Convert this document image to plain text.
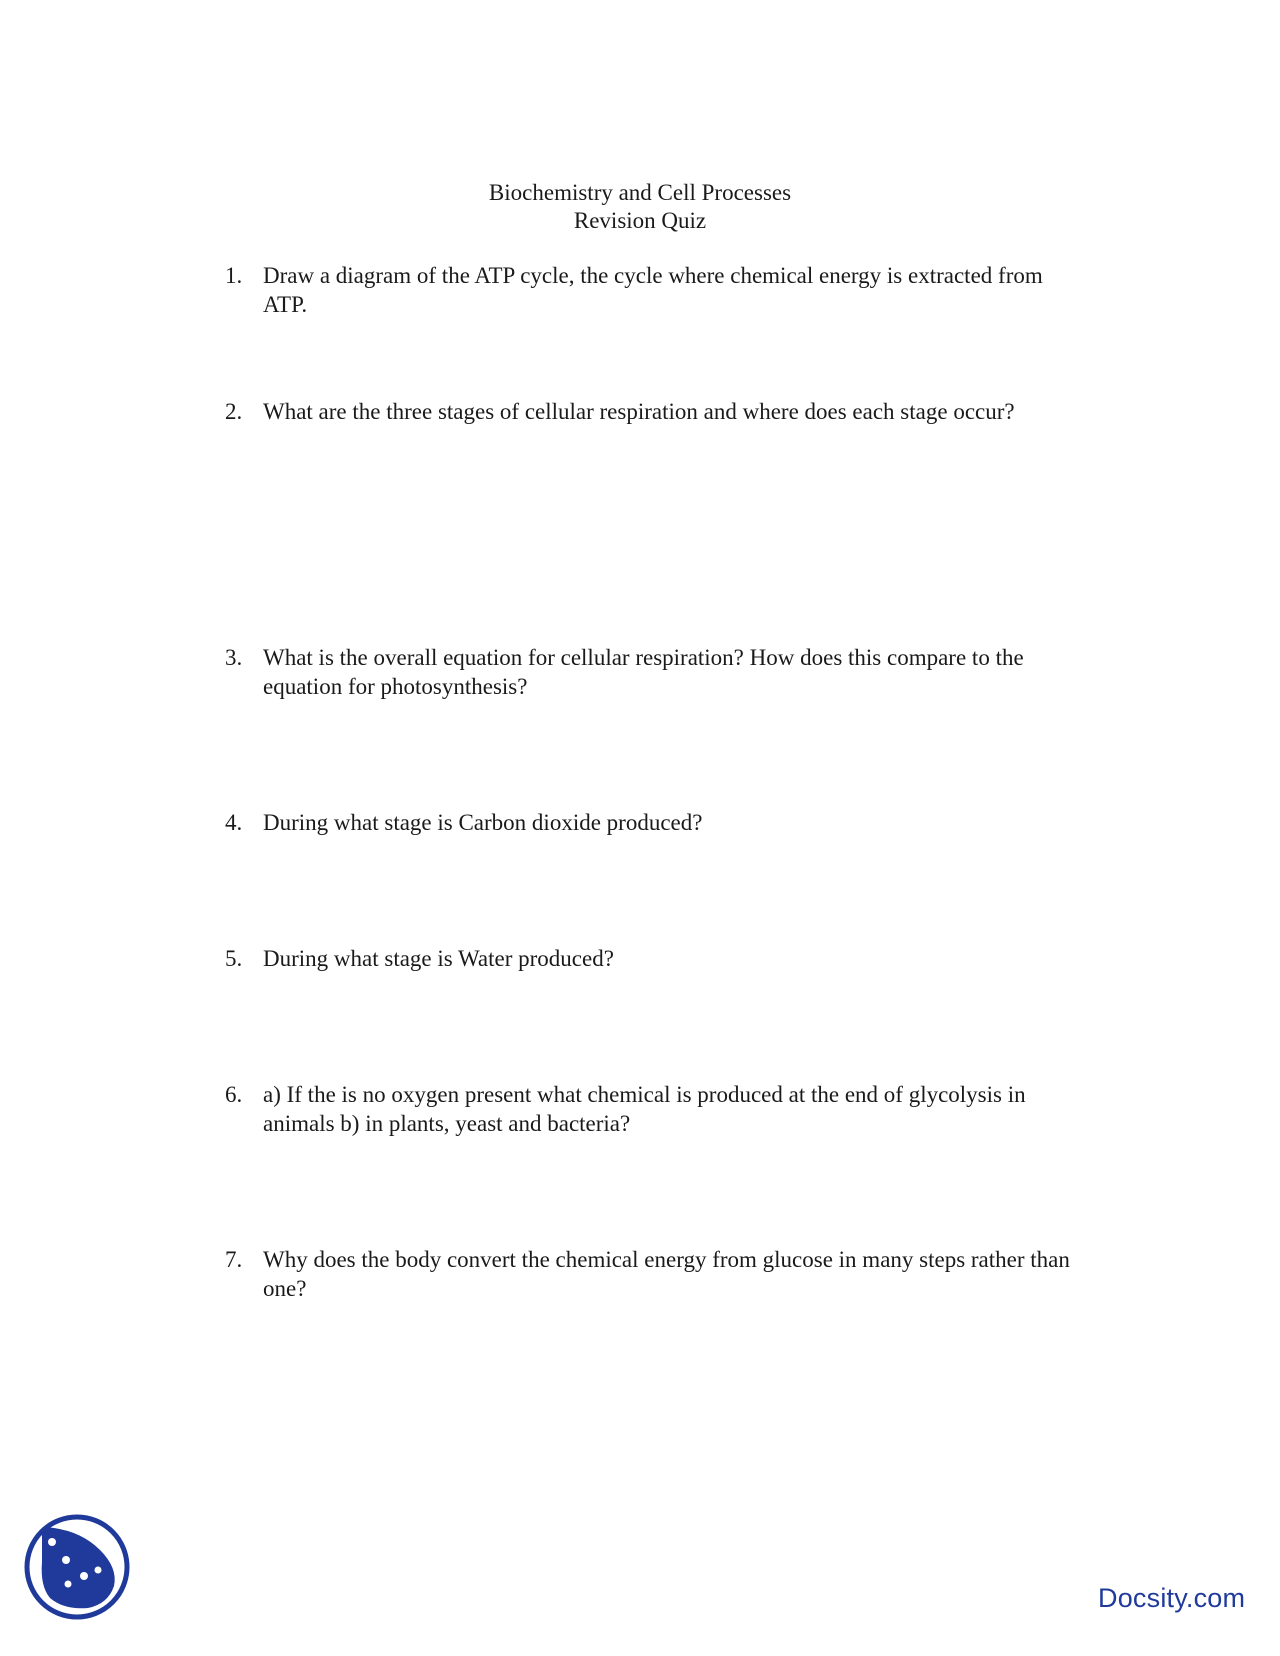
Biochemistry and Cell Processes
Revision Quiz
1. Draw a diagram of the ATP cycle, the cycle where chemical energy is extracted from ATP.
2. What are the three stages of cellular respiration and where does each stage occur?
3. What is the overall equation for cellular respiration? How does this compare to the equation for photosynthesis?
4. During what stage is Carbon dioxide produced?
5. During what stage is Water produced?
6. a) If the is no oxygen present what chemical is produced at the end of glycolysis in animals b) in plants, yeast and bacteria?
7. Why does the body convert the chemical energy from glucose in many steps rather than one?
Docsity.com
